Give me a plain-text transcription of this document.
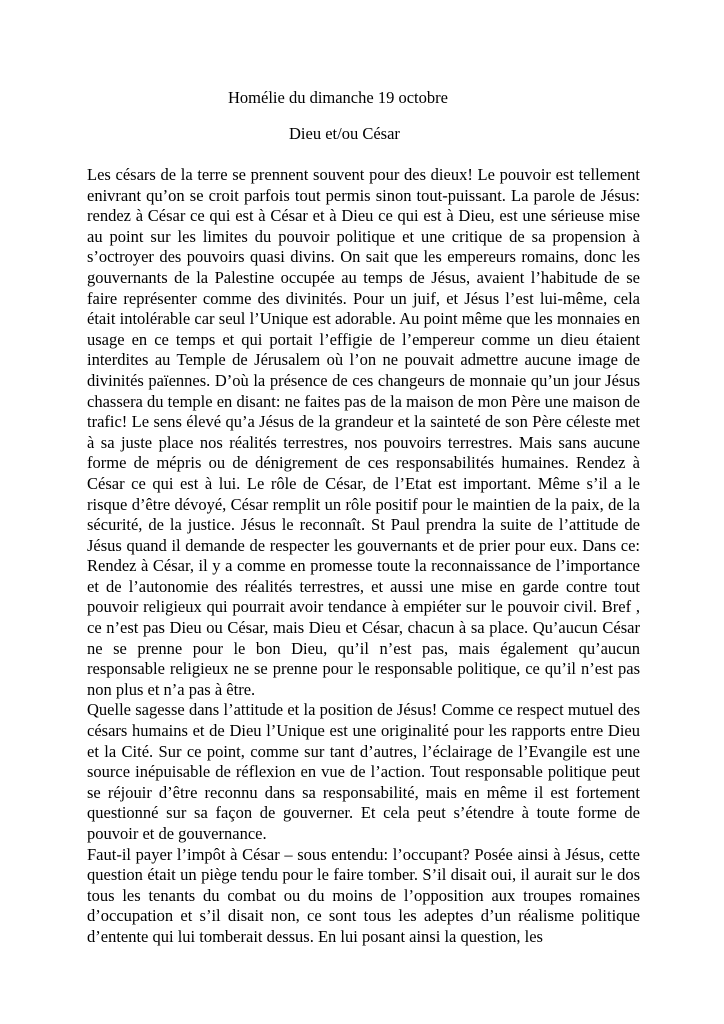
Homélie du dimanche 19 octobre
Dieu et/ou César

Les césars de la terre se prennent souvent pour des dieux! Le pouvoir est tellement enivrant qu’on se croit parfois tout permis sinon tout-puissant. La parole de Jésus: rendez à César ce qui est à César et à Dieu ce qui est à Dieu, est une sérieuse mise au point sur les limites du pouvoir politique et une critique de sa propension à s’octroyer des pouvoirs quasi divins. On sait que les empereurs romains, donc les gouvernants de la Palestine occupée au temps de Jésus, avaient l’habitude de se faire représenter comme des divinités. Pour un juif, et Jésus l’est lui-même, cela était intolérable car seul l’Unique est adorable. Au point même que les monnaies en usage en ce temps et qui portait l’effigie de l’empereur comme un dieu étaient interdites au Temple de Jérusalem où l’on ne pouvait admettre aucune image de divinités païennes. D’où la présence de ces changeurs de monnaie qu’un jour Jésus chassera du temple en disant: ne faites pas de la maison de mon Père une maison de trafic! Le sens élevé qu’a Jésus de la grandeur et la sainteté de son Père céleste met à sa juste place nos réalités terrestres, nos pouvoirs terrestres. Mais sans aucune forme de mépris ou de dénigrement de ces responsabilités humaines. Rendez à César ce qui est à lui. Le rôle de César, de l’Etat est important. Même s’il a le risque d’être dévoyé, César remplit un rôle positif pour le maintien de la paix, de la sécurité, de la justice. Jésus le reconnaît. St Paul prendra la suite de l’attitude de Jésus quand il demande de respecter les gouvernants et de prier pour eux. Dans ce: Rendez à César, il y a comme en promesse toute la reconnaissance de l’importance et de l’autonomie des réalités terrestres, et aussi une mise en garde contre tout pouvoir religieux qui pourrait avoir tendance à empiéter sur le pouvoir civil. Bref , ce n’est pas Dieu ou César, mais Dieu et César, chacun à sa place. Qu’aucun César ne se prenne pour le bon Dieu, qu’il n’est pas, mais également qu’aucun responsable religieux ne se prenne pour le responsable politique, ce qu’il n’est pas non plus et n’a pas à être.

Quelle sagesse dans l’attitude et la position de Jésus! Comme ce respect mutuel des césars humains et de Dieu l’Unique est une originalité pour les rapports entre Dieu et la Cité. Sur ce point, comme sur tant d’autres, l’éclairage de l’Evangile est une source inépuisable de réflexion en vue de l’action. Tout responsable politique peut se réjouir d’être reconnu dans sa responsabilité, mais en même il est fortement questionné sur sa façon de gouverner. Et cela peut s’étendre à toute forme de pouvoir et de gouvernance.

Faut-il payer l’impôt à César – sous entendu: l’occupant? Posée ainsi à Jésus, cette question était un piège tendu pour le faire tomber. S’il disait oui, il aurait sur le dos tous les tenants du combat ou du moins de l’opposition aux troupes romaines d’occupation et s’il disait non, ce sont tous les adeptes d’un réalisme politique d’entente qui lui tomberait dessus. En lui posant ainsi la question, les
